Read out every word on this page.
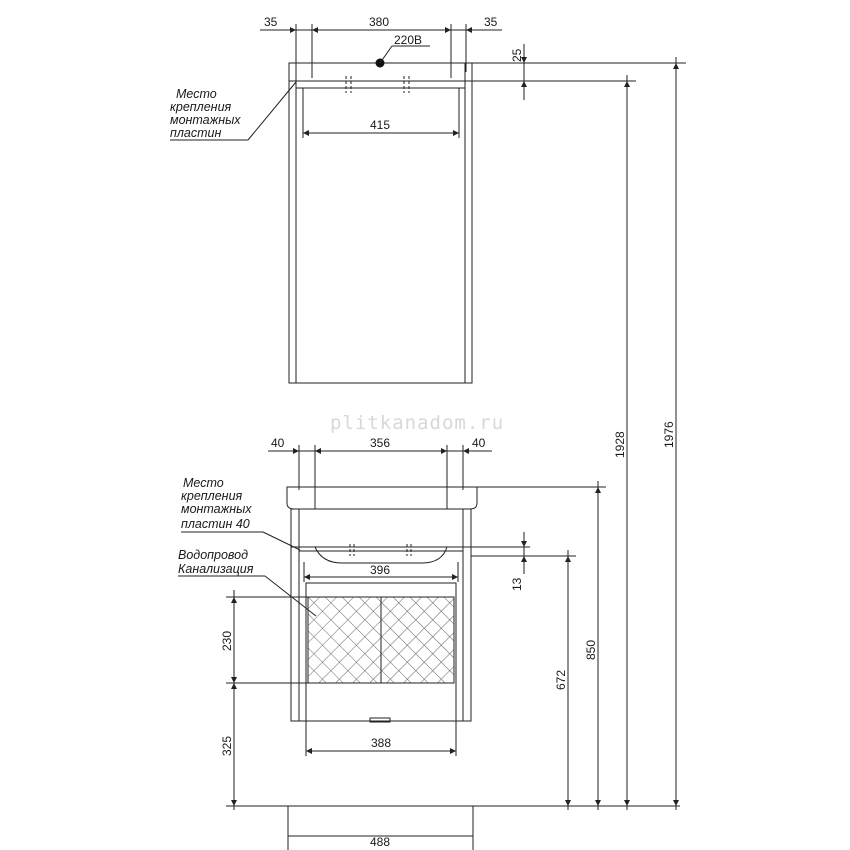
plitkanadom.ru
35	380	35
220В
25
415
Место
крепления
монтажных
пластин
40	356	40
396
13
388
Место
крепления
монтажных
пластин 40
Водопровод
Канализация
230
325
672
850
1928	1976
488
